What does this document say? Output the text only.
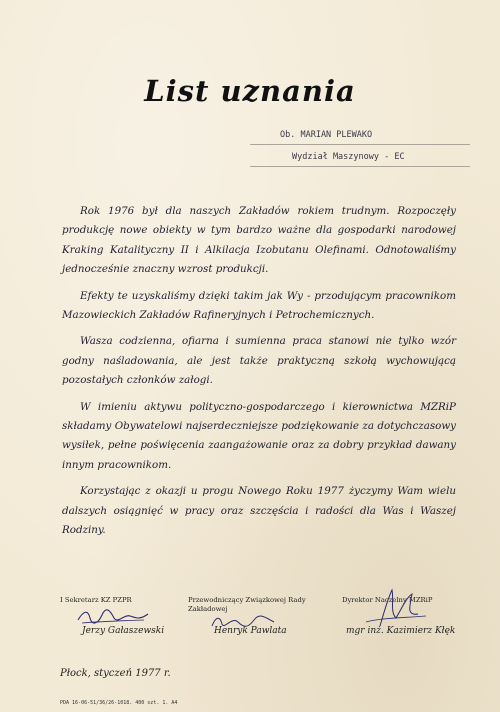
List uznania
Ob. MARIAN PLEWAKO
Wydział Maszynowy - EC

Rok 1976 był dla naszych Zakładów rokiem trudnym. Rozpoczęły produkcję nowe obiekty w tym bardzo ważne dla gospodarki narodowej Kraking Katalityczny II i Alkilacja Izobutanu Olefinami. Odnotowaliśmy jednocześnie znaczny wzrost produkcji.

Efekty te uzyskaliśmy dzięki takim jak Wy - przodującym pracownikom Mazowieckich Zakładów Rafineryjnych i Petrochemicznych.

Wasza codzienna, ofiarna i sumienna praca stanowi nie tylko wzór godny naśladowania, ale jest także praktyczną szkołą wychowującą pozostałych członków załogi.

W imieniu aktywu polityczno-gospodarczego i kierownictwa MZRiP składamy Obywatelowi najserdeczniejsze podziękowanie za dotychczasowy wysiłek, pełne poświęcenia zaangażowanie oraz za dobry przykład dawany innym pracownikom.

Korzystając z okazji u progu Nowego Roku 1977 życzymy Wam wielu dalszych osiągnięć w pracy oraz szczęścia i radości dla Was i Waszej Rodziny.

I Sekretarz KZ PZPR
Jerzy Gałaszewski
Przewodniczący Związkowej Rady Zakładowej
Henryk Pawlata
Dyrektor Naczelny MZRiP
mgr inż. Kazimierz Kłęk
Płock, styczeń 1977 r.
PDA 16-06-51/36/26-1018. 400 szt. 1. A4
